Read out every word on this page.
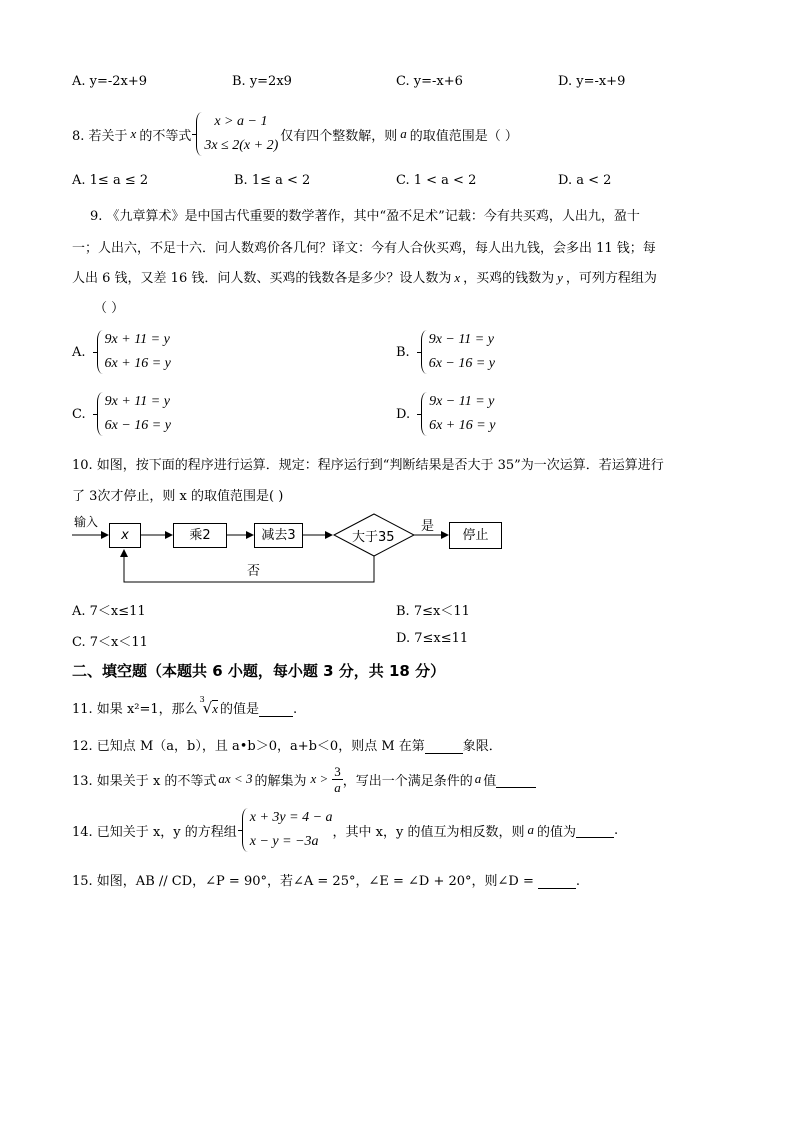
A. y=-2x+9	B. y=2x9	C. y=-x+6	D. y=-x+9
8. 若关于 x 的不等式
x > a − 1
3x ≤ 2(x + 2)
仅有四个整数解，则 a 的取值范围是（ ）
A. 1≤ a ≤ 2	B. 1≤ a < 2	C. 1 < a < 2	D. a < 2
9. 《九章算术》是中国古代重要的数学著作，其中“盈不足术”记载：今有共买鸡，人出九，盈十
一；人出六，不足十六．问人数鸡价各几何？译文：今有人合伙买鸡，每人出九钱，会多出 11 钱；每
人出 6 钱，又差 16 钱．问人数、买鸡的钱数各是多少？设人数为 x ，买鸡的钱数为 y ，可列方程组为
（ ）
A.
9x + 11 = y
6x + 16 = y
B.
9x − 11 = y
6x − 16 = y
C.
9x + 11 = y
6x − 16 = y
D.
9x − 11 = y
6x + 16 = y
10. 如图，按下面的程序进行运算．规定：程序运行到“判断结果是否大于 35”为一次运算．若运算进行
了 3次才停止，则 x 的取值范围是( )
输入
x	乘2	减去3	大于35
是
停止
否
A. 7＜x≤11	B. 7≤x＜11
C. 7＜x＜11	D. 7≤x≤11
二、填空题（本题共 6 小题，每小题 3 分，共 18 分）
11. 如果 x²=1，那么
3
√x 的值是	.
12. 已知点 M（a，b），且 a•b＞0，a+b＜0，则点 M 在第	象限．
13. 如果关于 x 的不等式 ax < 3 的解集为 $x > \frac{3}{a}$ ，写出一个满足条件的 a 值
14. 已知关于 x，y 的方程组
x + 3y = 4 − a
x − y = −3a
，其中 x，y 的值互为相反数，则 a 的值为	.
15. 如图，AB // CD，∠P = 90°，若∠A = 25°，∠E = ∠D + 20°，则∠D =	.
